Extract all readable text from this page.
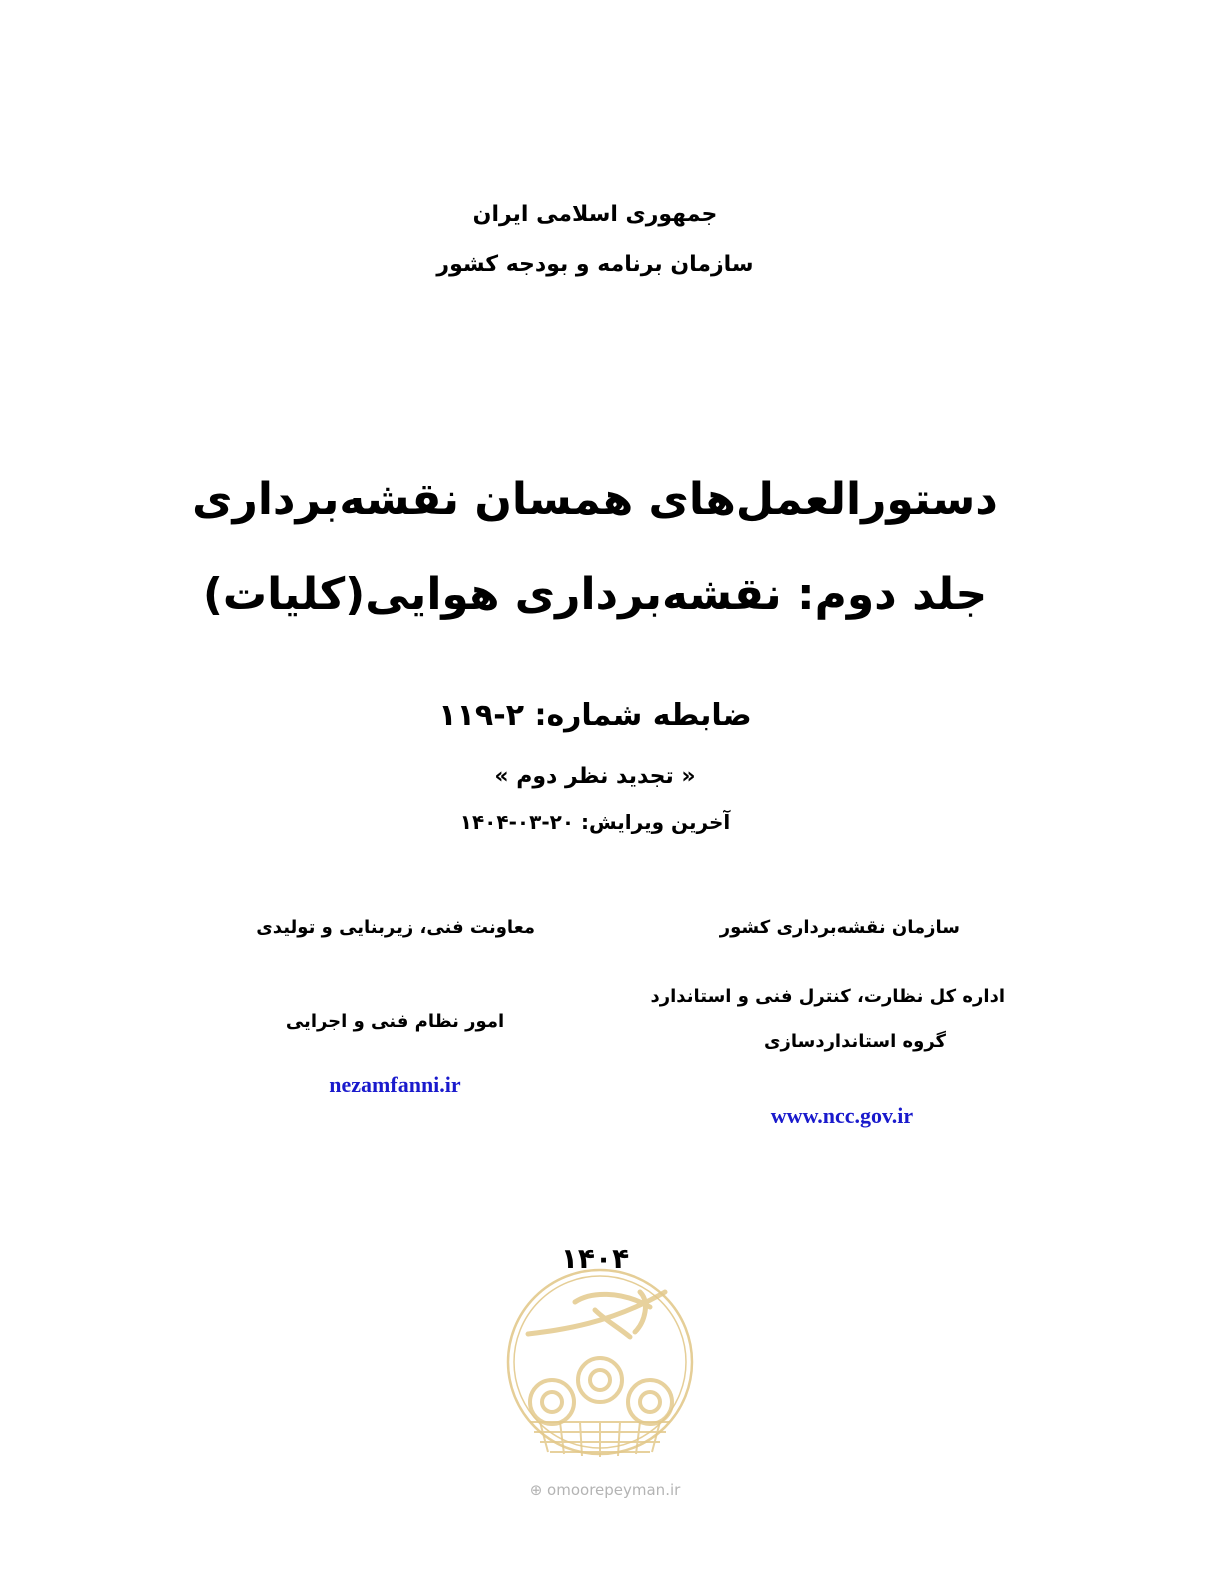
جمهوری اسلامی ایران
سازمان برنامه و بودجه کشور
دستورالعمل‌های همسان نقشه‌برداری
جلد دوم: نقشه‌برداری هوایی(کلیات)
ضابطه شماره: ۲-۱۱۹
« تجدید نظر دوم »
آخرین ویرایش: ۲۰-۰۳-۱۴۰۴
سازمان نقشه‌برداری کشور
اداره کل نظارت، کنترل فنی و استاندارد
گروه استانداردسازی
www.ncc.gov.ir
معاونت فنی، زیربنایی و تولیدی
امور نظام فنی و اجرایی
nezamfanni.ir
۱۴۰۴
⊕ omoorepeyman.ir
